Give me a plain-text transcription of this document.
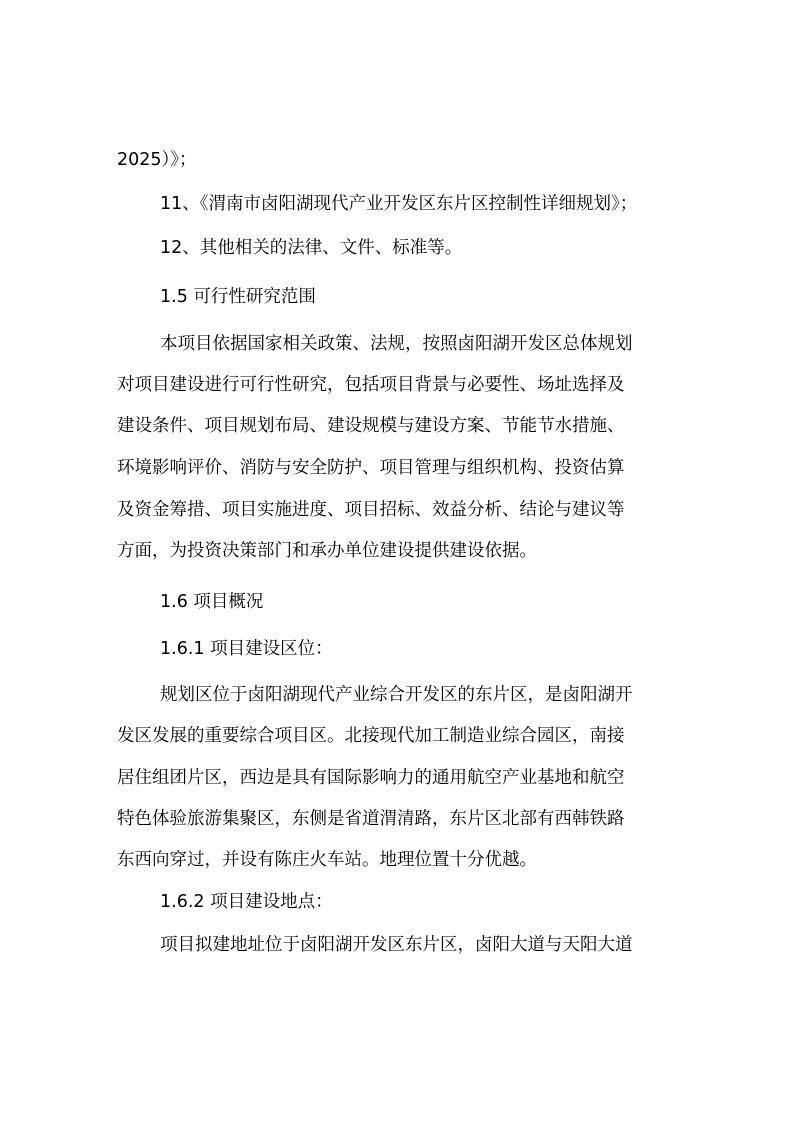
2025）》；
11、《渭南市卤阳湖现代产业开发区东片区控制性详细规划》；
12、其他相关的法律、文件、标准等。
1.5 可行性研究范围
本项目依据国家相关政策、法规，按照卤阳湖开发区总体规划
对项目建设进行可行性研究，包括项目背景与必要性、场址选择及
建设条件、项目规划布局、建设规模与建设方案、节能节水措施、
环境影响评价、消防与安全防护、项目管理与组织机构、投资估算
及资金筹措、项目实施进度、项目招标、效益分析、结论与建议等
方面，为投资决策部门和承办单位建设提供建设依据。
1.6 项目概况
1.6.1 项目建设区位：
规划区位于卤阳湖现代产业综合开发区的东片区，是卤阳湖开
发区发展的重要综合项目区。北接现代加工制造业综合园区，南接
居住组团片区，西边是具有国际影响力的通用航空产业基地和航空
特色体验旅游集聚区，东侧是省道渭清路，东片区北部有西韩铁路
东西向穿过，并设有陈庄火车站。地理位置十分优越。
1.6.2 项目建设地点：
项目拟建地址位于卤阳湖开发区东片区，卤阳大道与天阳大道
